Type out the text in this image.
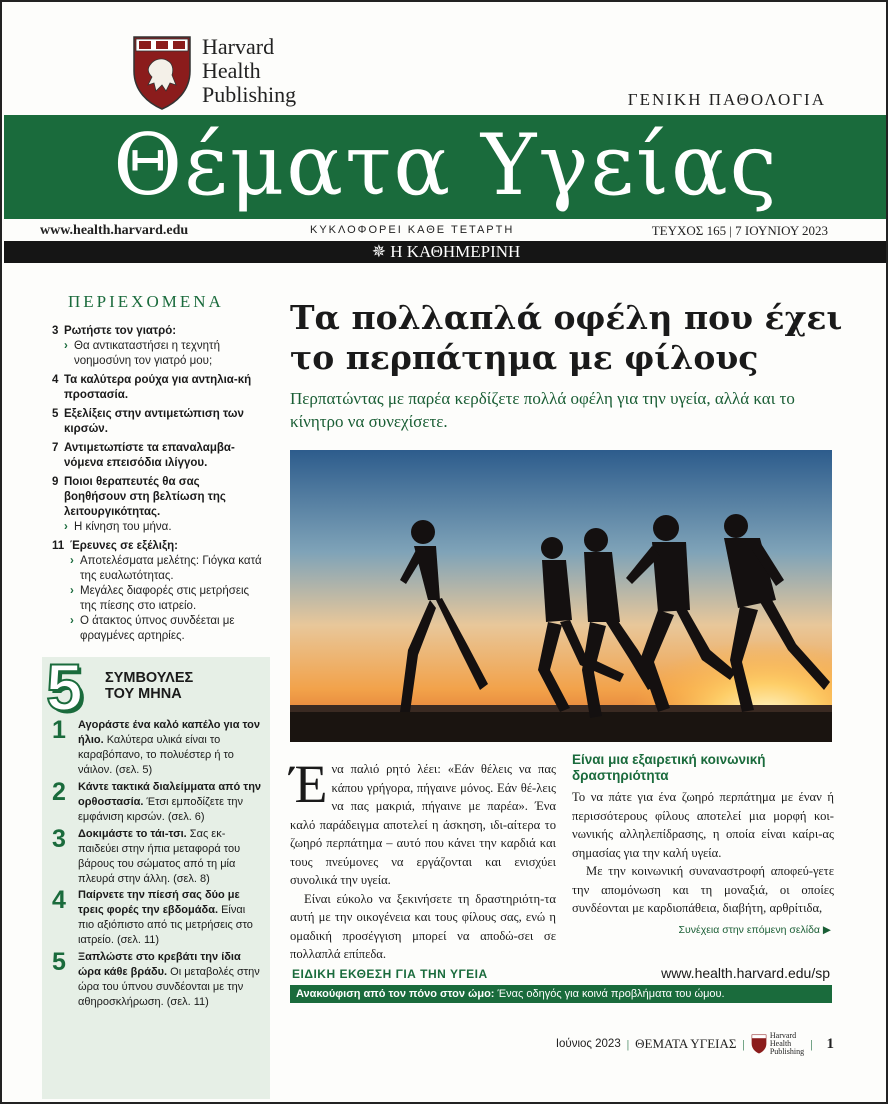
Harvard
Health
Publishing	ΓΕΝΙΚΗ ΠΑΘΟΛΟΓΙΑ
Θέματα Υγείας
www.health.harvard.edu	ΚΥΚΛΟΦΟΡΕΙ ΚΑΘΕ ΤΕΤΑΡΤΗ	ΤΕΥΧΟΣ 165 | 7 ΙΟΥΝΙΟΥ 2023
✵ Η ΚΑΘΗΜΕΡΙΝΗ
ΠΕΡΙΕΧΟΜΕΝΑ
3 Ρωτήστε τον γιατρό:
› Θα αντικαταστήσει η τεχνητή νοημοσύνη τον γιατρό μου;
4 Τα καλύτερα ρούχα για αντηλια-κή προστασία.
5 Εξελίξεις στην αντιμετώπιση των κιρσών.
7 Αντιμετωπίστε τα επαναλαμβα-νόμενα επεισόδια ιλίγγου.
9 Ποιοι θεραπευτές θα σας βοηθήσουν στη βελτίωση της λειτουργικότητας.
› Η κίνηση του μήνα.
11 Έρευνες σε εξέλιξη:
› Αποτελέσματα μελέτης: Γιόγκα κατά της ευαλωτότητας.
› Μεγάλες διαφορές στις μετρήσεις της πίεσης στο ιατρείο.
› Ο άτακτος ύπνος συνδέεται με φραγμένες αρτηρίες.
5 ΣΥΜΒΟΥΛΕΣ
ΤΟΥ ΜΗΝΑ
1	Αγοράστε ένα καλό καπέλο για τον ήλιο. Καλύτερα υλικά είναι το καραβόπανο, το πολυέστερ ή το νάιλον. (σελ. 5)
2	Κάντε τακτικά διαλείμματα από την ορθοστασία. Έτσι εμποδίζετε την εμφάνιση κιρσών. (σελ. 6)
3	Δοκιμάστε το τάι-τσι. Σας εκ-παιδεύει στην ήπια μεταφορά του βάρους του σώματος από τη μία πλευρά στην άλλη. (σελ. 8)
4	Παίρνετε την πίεσή σας δύο με τρεις φορές την εβδομάδα. Είναι πιο αξιόπιστο από τις μετρήσεις στο ιατρείο. (σελ. 11)
5	Ξαπλώστε στο κρεβάτι την ίδια ώρα κάθε βράδυ. Οι μεταβολές στην ώρα του ύπνου συνδέονται με την αθηροσκλήρωση. (σελ. 11)
Τα πολλαπλά οφέλη που έχει το περπάτημα με φίλους

Περπατώντας με παρέα κερδίζετε πολλά οφέλη για την υγεία, αλλά και το κίνητρο να συνεχίσετε.

Ένα παλιό ρητό λέει: «Εάν θέλεις να πας κάπου γρήγορα, πήγαινε μόνος. Εάν θέ-λεις να πας μακριά, πήγαινε με παρέα». Ένα καλό παράδειγμα αποτελεί η άσκηση, ιδι-αίτερα το ζωηρό περπάτημα – αυτό που κάνει την καρδιά και τους πνεύμονες να εργάζονται και ενισχύει συνολικά την υγεία.

Είναι εύκολο να ξεκινήσετε τη δραστηριότη-τα αυτή με την οικογένεια και τους φίλους σας, ενώ η ομαδική προσέγγιση μπορεί να αποδώ-σει σε πολλαπλά επίπεδα.

Είναι μια εξαιρετική κοινωνική δραστηριότητα

Το να πάτε για ένα ζωηρό περπάτημα με έναν ή περισσότερους φίλους αποτελεί μια μορφή κοι-νωνικής αλληλεπίδρασης, η οποία είναι καίρι-ας σημασίας για την καλή υγεία.

Με την κοινωνική συναναστροφή αποφεύ-γετε την απομόνωση και τη μοναξιά, οι οποίες συνδέονται με καρδιοπάθεια, διαβήτη, αρθρίτιδα,

Συνέχεια στην επόμενη σελίδα ▶
ΕΙΔΙΚΗ ΕΚΘΕΣΗ ΓΙΑ ΤΗΝ ΥΓΕΙΑ	www.health.harvard.edu/sp
Ανακούφιση από τον πόνο στον ώμο: Ένας οδηγός για κοινά προβλήματα του ώμου.
Ιούνιος 2023 | ΘΕΜΑΤΑ ΥΓΕΙΑΣ |
Harvard
Health
Publishing
| 1
